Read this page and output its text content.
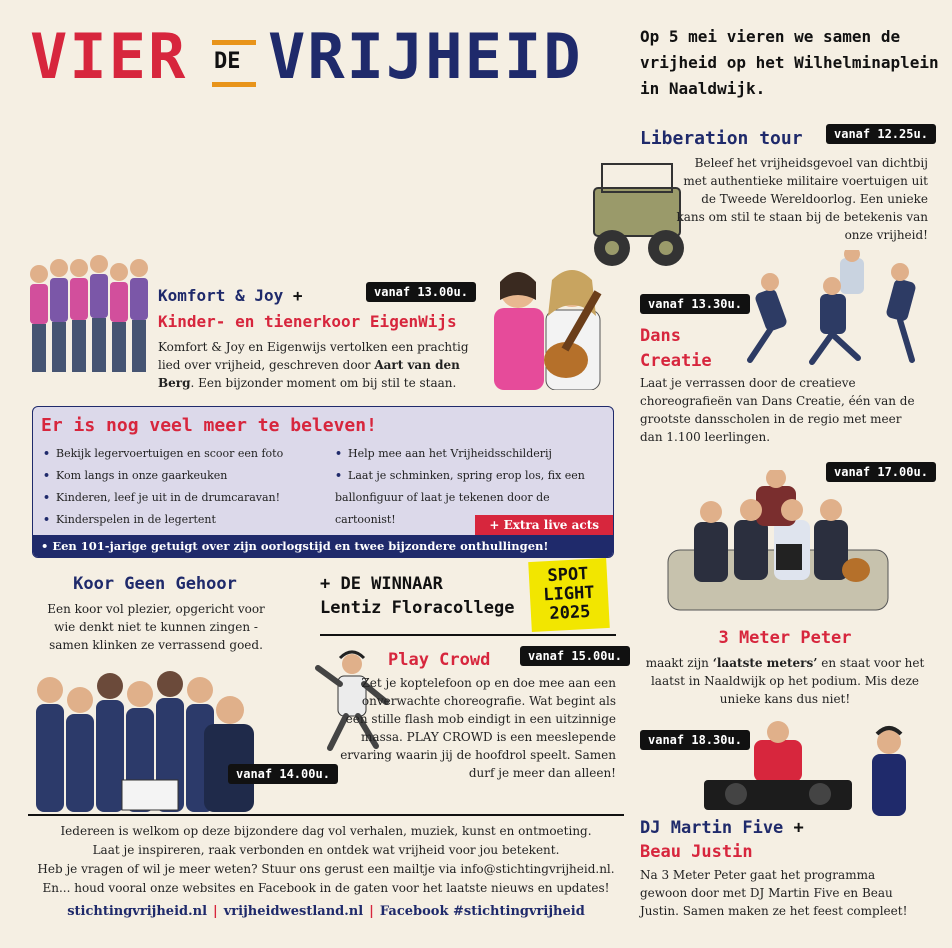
VIER DE VRIJHEID	Op 5 mei vieren we samen de vrijheid op het Wilhelminaplein in Naaldwijk.
Liberation tour	vanaf 12.25u.
Beleef het vrijheidsgevoel van dichtbij met authentieke militaire voertuigen uit de Tweede Wereldoorlog. Een unieke kans om stil te staan bij de betekenis van onze vrijheid!
vanaf 13.00u.
Komfort & Joy +
Kinder- en tienerkoor EigenWijs
Komfort & Joy en Eigenwijs vertolken een prachtig lied over vrijheid, geschreven door Aart van den Berg. Een bijzonder moment om bij stil te staan.
vanaf 13.30u.
Dans
Creatie
Laat je verrassen door de creatieve choreografieën van Dans Creatie, één van de grootste dansscholen in de regio met meer dan 1.100 leerlingen.
Er is nog veel meer te beleven!
• Bekijk legervoertuigen en scoor een foto
• Kom langs in onze gaarkeuken
• Kinderen, leef je uit in de drumcaravan!
• Kinderspelen in de legertent
• Help mee aan het Vrijheidsschilderij
• Laat je schminken, spring erop los, fix een ballonfiguur of laat je tekenen door de cartoonist!	+ Extra live acts
• Een 101-jarige getuigt over zijn oorlogstijd en twee bijzondere onthullingen!
vanaf 17.00u.
3 Meter Peter
maakt zijn ‘laatste meters’ en staat voor het laatst in Naaldwijk op het podium. Mis deze unieke kans dus niet!
Koor Geen Gehoor
Een koor vol plezier, opgericht voor wie denkt niet te kunnen zingen - samen klinken ze verrassend goed.
vanaf 14.00u.
+ DE WINNAAR
Lentiz Floracollege
SPOT
LIGHT
2025
Play Crowd	vanaf 15.00u.
Zet je koptelefoon op en doe mee aan een onverwachte choreografie. Wat begint als een stille flash mob eindigt in een uitzinnige massa. PLAY CROWD is een meeslepende ervaring waarin jij de hoofdrol speelt. Samen durf je meer dan alleen!
vanaf 18.30u.
DJ Martin Five +
Beau Justin
Na 3 Meter Peter gaat het programma gewoon door met DJ Martin Five en Beau Justin. Samen maken ze het feest compleet!
Iedereen is welkom op deze bijzondere dag vol verhalen, muziek, kunst en ontmoeting.
Laat je inspireren, raak verbonden en ontdek wat vrijheid voor jou betekent.
Heb je vragen of wil je meer weten? Stuur ons gerust een mailtje via info@stichtingvrijheid.nl.
En... houd vooral onze websites en Facebook in de gaten voor het laatste nieuws en updates!
stichtingvrijheid.nl | vrijheidwestland.nl | Facebook #stichtingvrijheid
